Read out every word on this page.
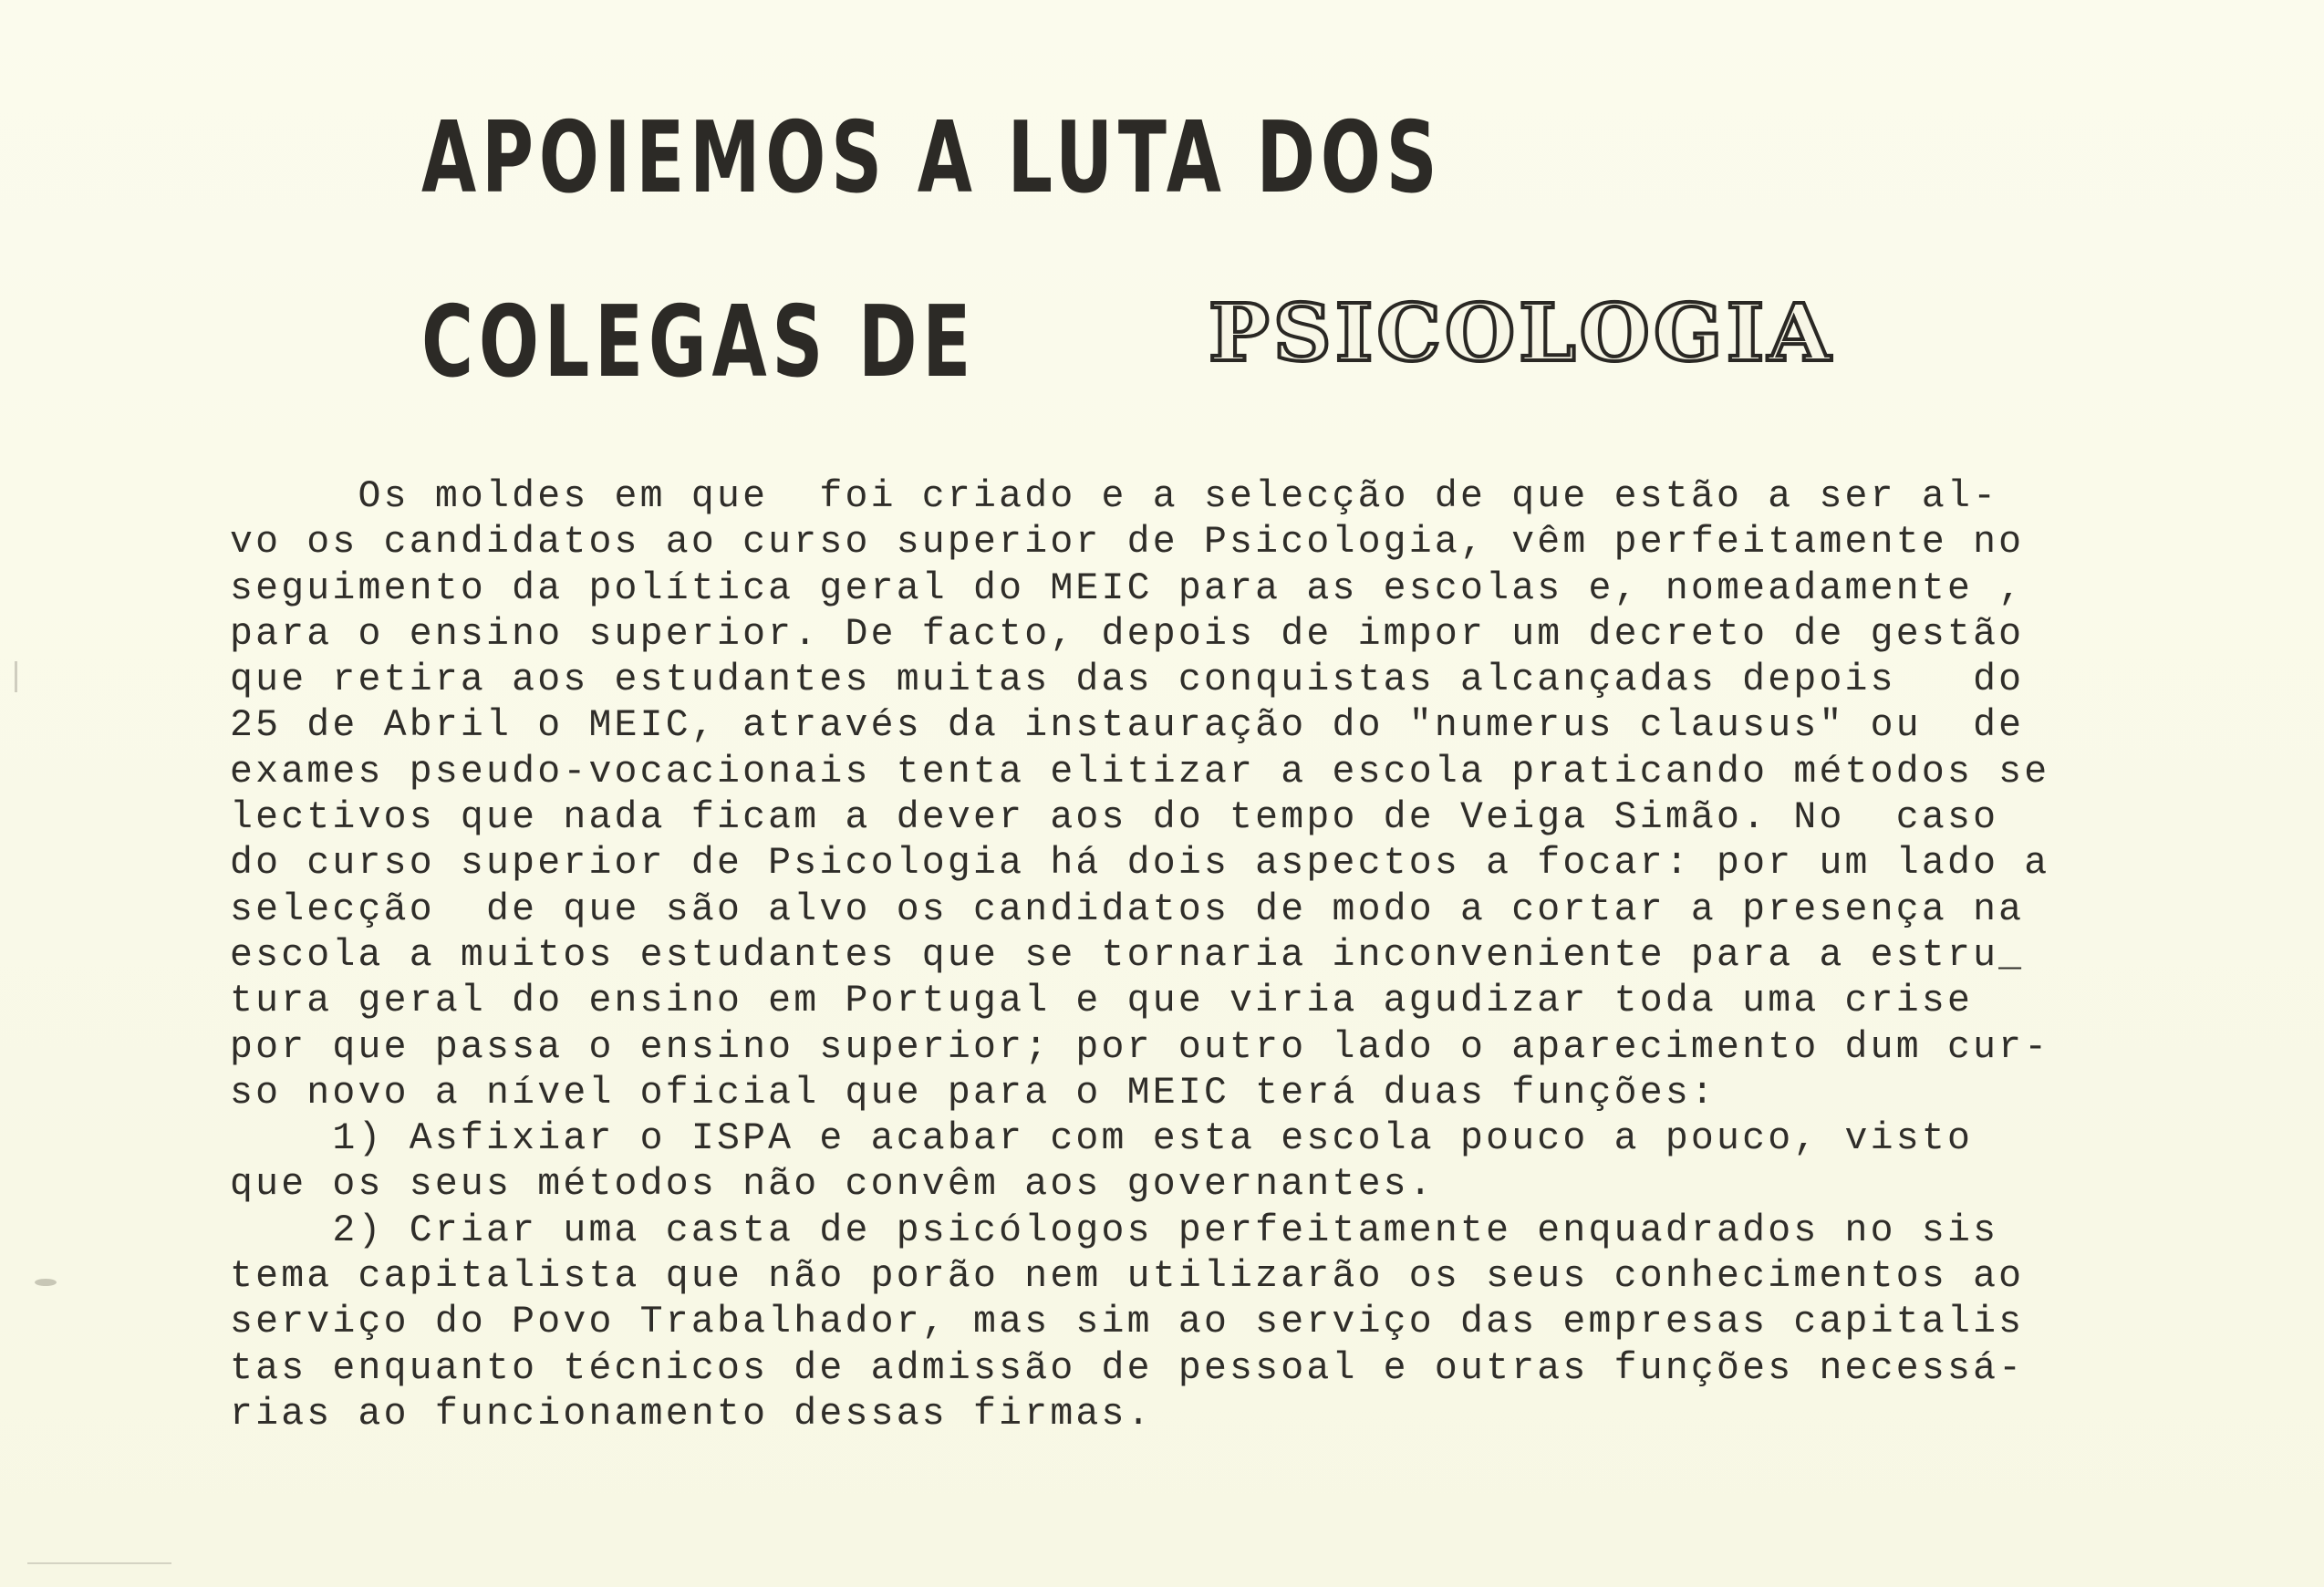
APOIEMOS A LUTA DOS
COLEGAS DE	PSICOLOGIA
Os moldes em que  foi criado e a selecção de que estão a ser al-
vo os candidatos ao curso superior de Psicologia, vêm perfeitamente no
seguimento da política geral do MEIC para as escolas e, nomeadamente ,
para o ensino superior. De facto, depois de impor um decreto de gestão
que retira aos estudantes muitas das conquistas alcançadas depois   do
25 de Abril o MEIC, através da instauração do "numerus clausus" ou  de
exames pseudo-vocacionais tenta elitizar a escola praticando métodos se
lectivos que nada ficam a dever aos do tempo de Veiga Simão. No  caso
do curso superior de Psicologia há dois aspectos a focar: por um lado a
selecção  de que são alvo os candidatos de modo a cortar a presença na
escola a muitos estudantes que se tornaria inconveniente para a estru_
tura geral do ensino em Portugal e que viria agudizar toda uma crise
por que passa o ensino superior; por outro lado o aparecimento dum cur-
so novo a nível oficial que para o MEIC terá duas funções:
1) Asfixiar o ISPA e acabar com esta escola pouco a pouco, visto
que os seus métodos não convêm aos governantes.
2) Criar uma casta de psicólogos perfeitamente enquadrados no sis
tema capitalista que não porão nem utilizarão os seus conhecimentos ao
serviço do Povo Trabalhador, mas sim ao serviço das empresas capitalis
tas enquanto técnicos de admissão de pessoal e outras funções necessá-
rias ao funcionamento dessas firmas.
